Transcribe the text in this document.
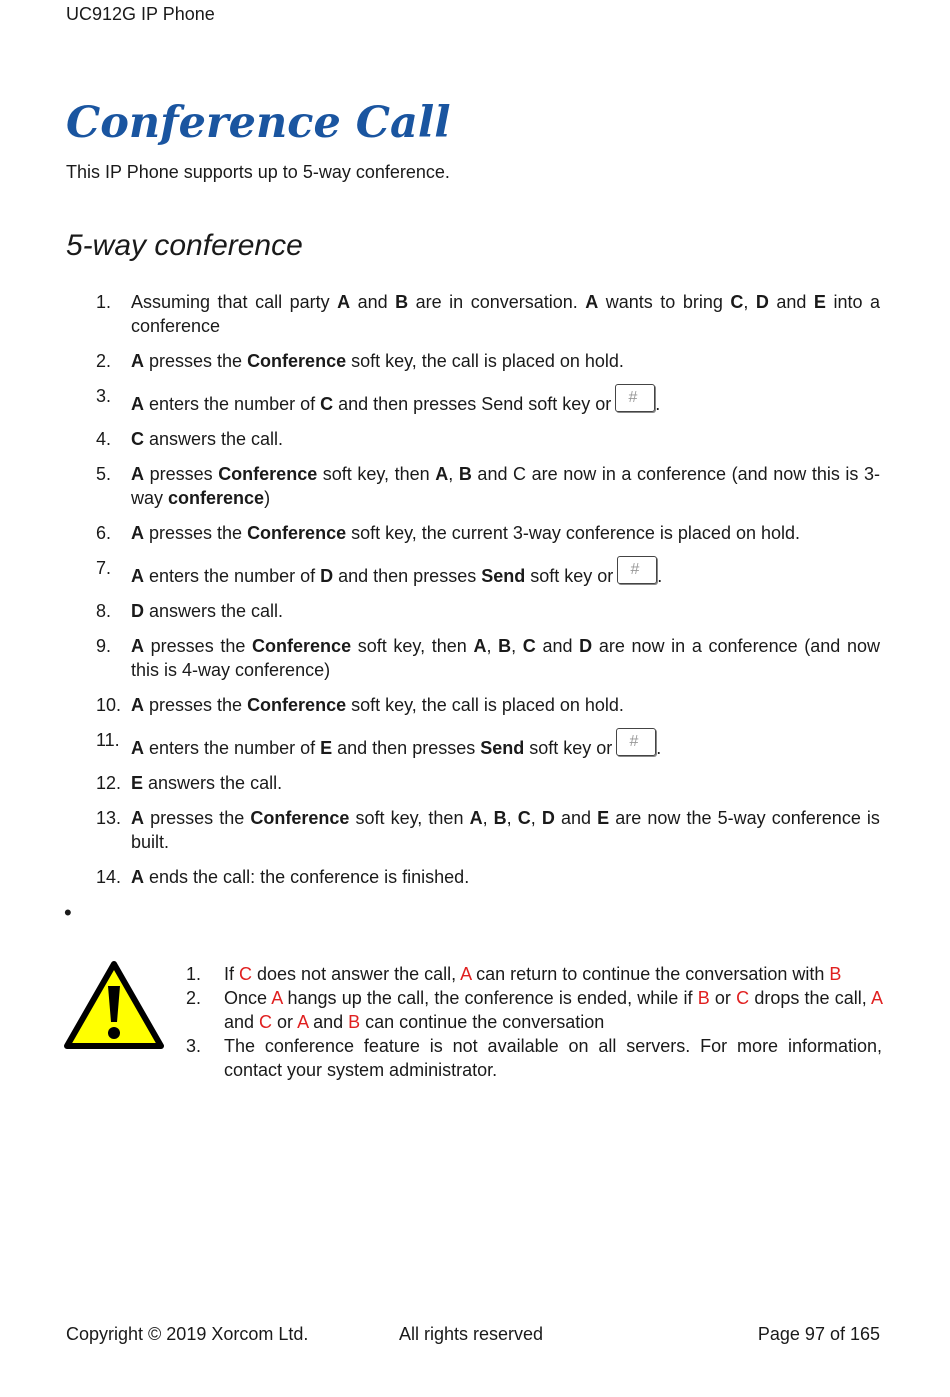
UC912G IP Phone
Conference Call
This IP Phone supports up to 5-way conference.
5-way conference
1.	Assuming that call party A and B are in conversation. A wants to bring C, D and E into a conference
2.	A presses the Conference soft key, the call is placed on hold.
3.	A enters the number of C and then presses Send soft key or # .
4.	C answers the call.
5.	A presses Conference soft key, then A, B and C are now in a conference (and now this is 3-way conference)
6.	A presses the Conference soft key, the current 3-way conference is placed on hold.
7.	A enters the number of D and then presses Send soft key or # .
8.	D answers the call.
9.	A presses the Conference soft key, then A, B, C and D are now in a conference (and now this is 4-way conference)
10. A presses the Conference soft key, the call is placed on hold.
11. A enters the number of E and then presses Send soft key or # .
12. E answers the call.
13. A presses the Conference soft key, then A, B, C, D and E are now the 5-way conference is built.
14. A ends the call: the conference is finished.
•
1.	If C does not answer the call, A can return to continue the conversation with B
2.	Once A hangs up the call, the conference is ended, while if B or C drops the call, A and C or A and B can continue the conversation
3.	The conference feature is not available on all servers. For more information, contact your system administrator.
Copyright © 2019 Xorcom Ltd.	All rights reserved	Page 97 of 165
